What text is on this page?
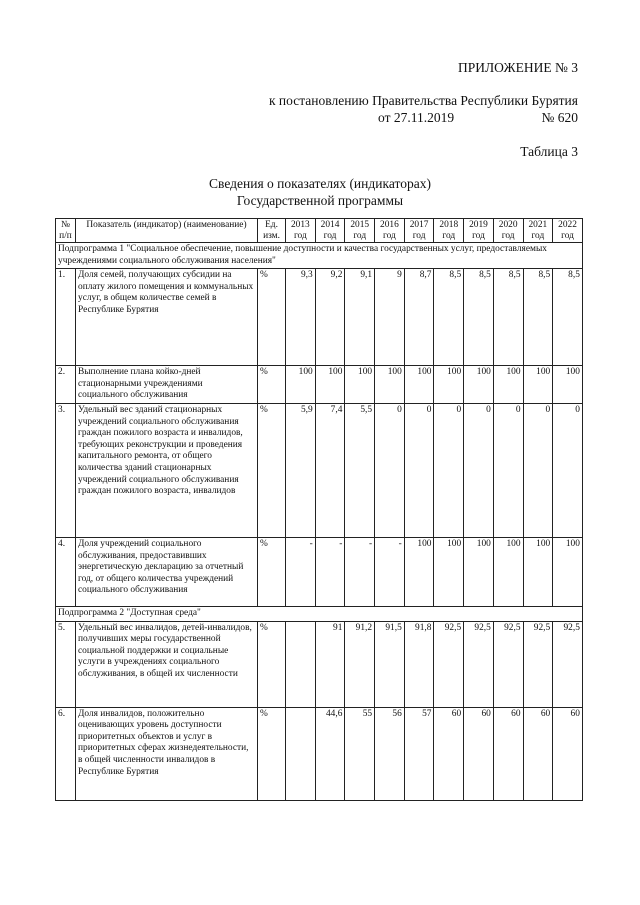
ПРИЛОЖЕНИЕ № 3
к постановлению Правительства Республики Бурятия
от 27.11.2019	№ 620
Таблица 3
Сведения о показателях (индикаторах) Государственной программы
№ п/п	Показатель (индикатор) (наименование)	Ед. изм.	2013 год	2014 год	2015 год	2016 год	2017 год	2018 год	2019 год	2020 год	2021 год	2022 год
Подпрограмма 1 "Социальное обеспечение, повышение доступности и качества государственных услуг, предоставляемых учреждениями социального обслуживания населения"												
1.	Доля семей, получающих субсидии на оплату жилого помещения и коммунальных услуг, в общем количестве семей в Республике Бурятия	%	9,3	9,2	9,1	9	8,7	8,5	8,5	8,5	8,5	8,5
2.	Выполнение плана койко-дней стационарными учреждениями социального обслуживания	%	100	100	100	100	100	100	100	100	100	100
3.	Удельный вес зданий стационарных учреждений социального обслуживания граждан пожилого возраста и инвалидов, требующих реконструкции и проведения капитального ремонта, от общего количества зданий стационарных учреждений социального обслуживания граждан пожилого возраста, инвалидов	%	5,9	7,4	5,5	0	0	0	0	0	0	0
4.	Доля учреждений социального обслуживания, предоставивших энергетическую декларацию за отчетный год, от общего количества учреждений социального обслуживания	%	-	-	-	-	100	100	100	100	100	100
Подпрограмма 2 "Доступная среда"												
5.	Удельный вес инвалидов, детей-инвалидов, получивших меры государственной социальной поддержки и социальные услуги в учреждениях социального обслуживания, в общей их численности	%		91	91,2	91,5	91,8	92,5	92,5	92,5	92,5	92,5
6.	Доля инвалидов, положительно оценивающих уровень доступности приоритетных объектов и услуг в приоритетных сферах жизнедеятельности, в общей численности инвалидов в Республике Бурятия	%		44,6	55	56	57	60	60	60	60	60
